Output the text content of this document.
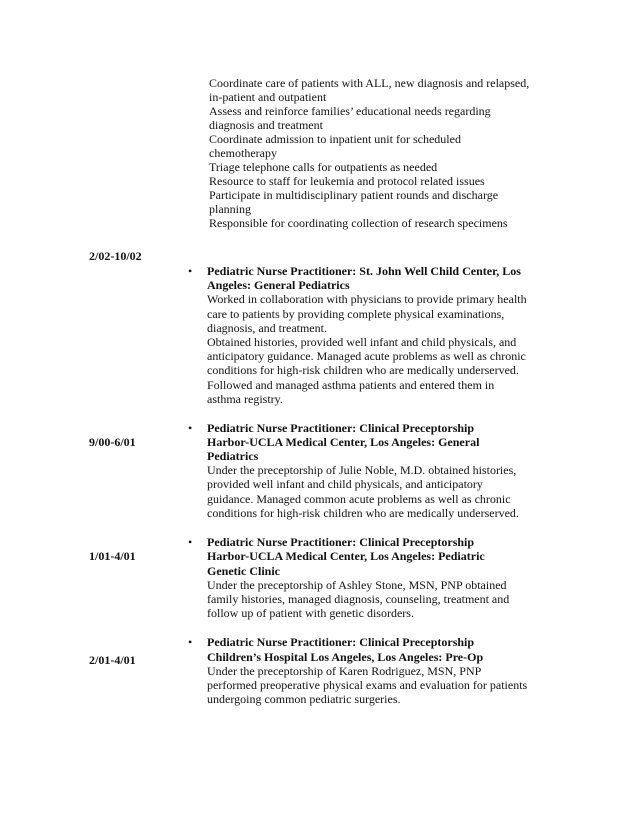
Coordinate care of patients with ALL, new diagnosis and relapsed,
in-patient and outpatient
Assess and reinforce families’ educational needs regarding
diagnosis and treatment
Coordinate admission to inpatient unit for scheduled
chemotherapy
Triage telephone calls for outpatients as needed
Resource to staff for leukemia and protocol related issues
Participate in multidisciplinary patient rounds and discharge
planning
Responsible for coordinating collection of research specimens
2/02-10/02
• Pediatric Nurse Practitioner: St. John Well Child Center, Los
Angeles: General Pediatrics
Worked in collaboration with physicians to provide primary health
care to patients by providing complete physical examinations,
diagnosis, and treatment.
Obtained histories, provided well infant and child physicals, and
anticipatory guidance. Managed acute problems as well as chronic
conditions for high-risk children who are medically underserved.
Followed and managed asthma patients and entered them in
asthma registry.
• Pediatric Nurse Practitioner: Clinical Preceptorship
9/00-6/01	Harbor-UCLA Medical Center, Los Angeles: General
Pediatrics
Under the preceptorship of Julie Noble, M.D. obtained histories,
provided well infant and child physicals, and anticipatory
guidance. Managed common acute problems as well as chronic
conditions for high-risk children who are medically underserved.
• Pediatric Nurse Practitioner: Clinical Preceptorship
1/01-4/01	Harbor-UCLA Medical Center, Los Angeles: Pediatric
Genetic Clinic
Under the preceptorship of Ashley Stone, MSN, PNP obtained
family histories, managed diagnosis, counseling, treatment and
follow up of patient with genetic disorders.
• Pediatric Nurse Practitioner: Clinical Preceptorship
2/01-4/01	Children’s Hospital Los Angeles, Los Angeles: Pre-Op
Under the preceptorship of Karen Rodriguez, MSN, PNP
performed preoperative physical exams and evaluation for patients
undergoing common pediatric surgeries.
